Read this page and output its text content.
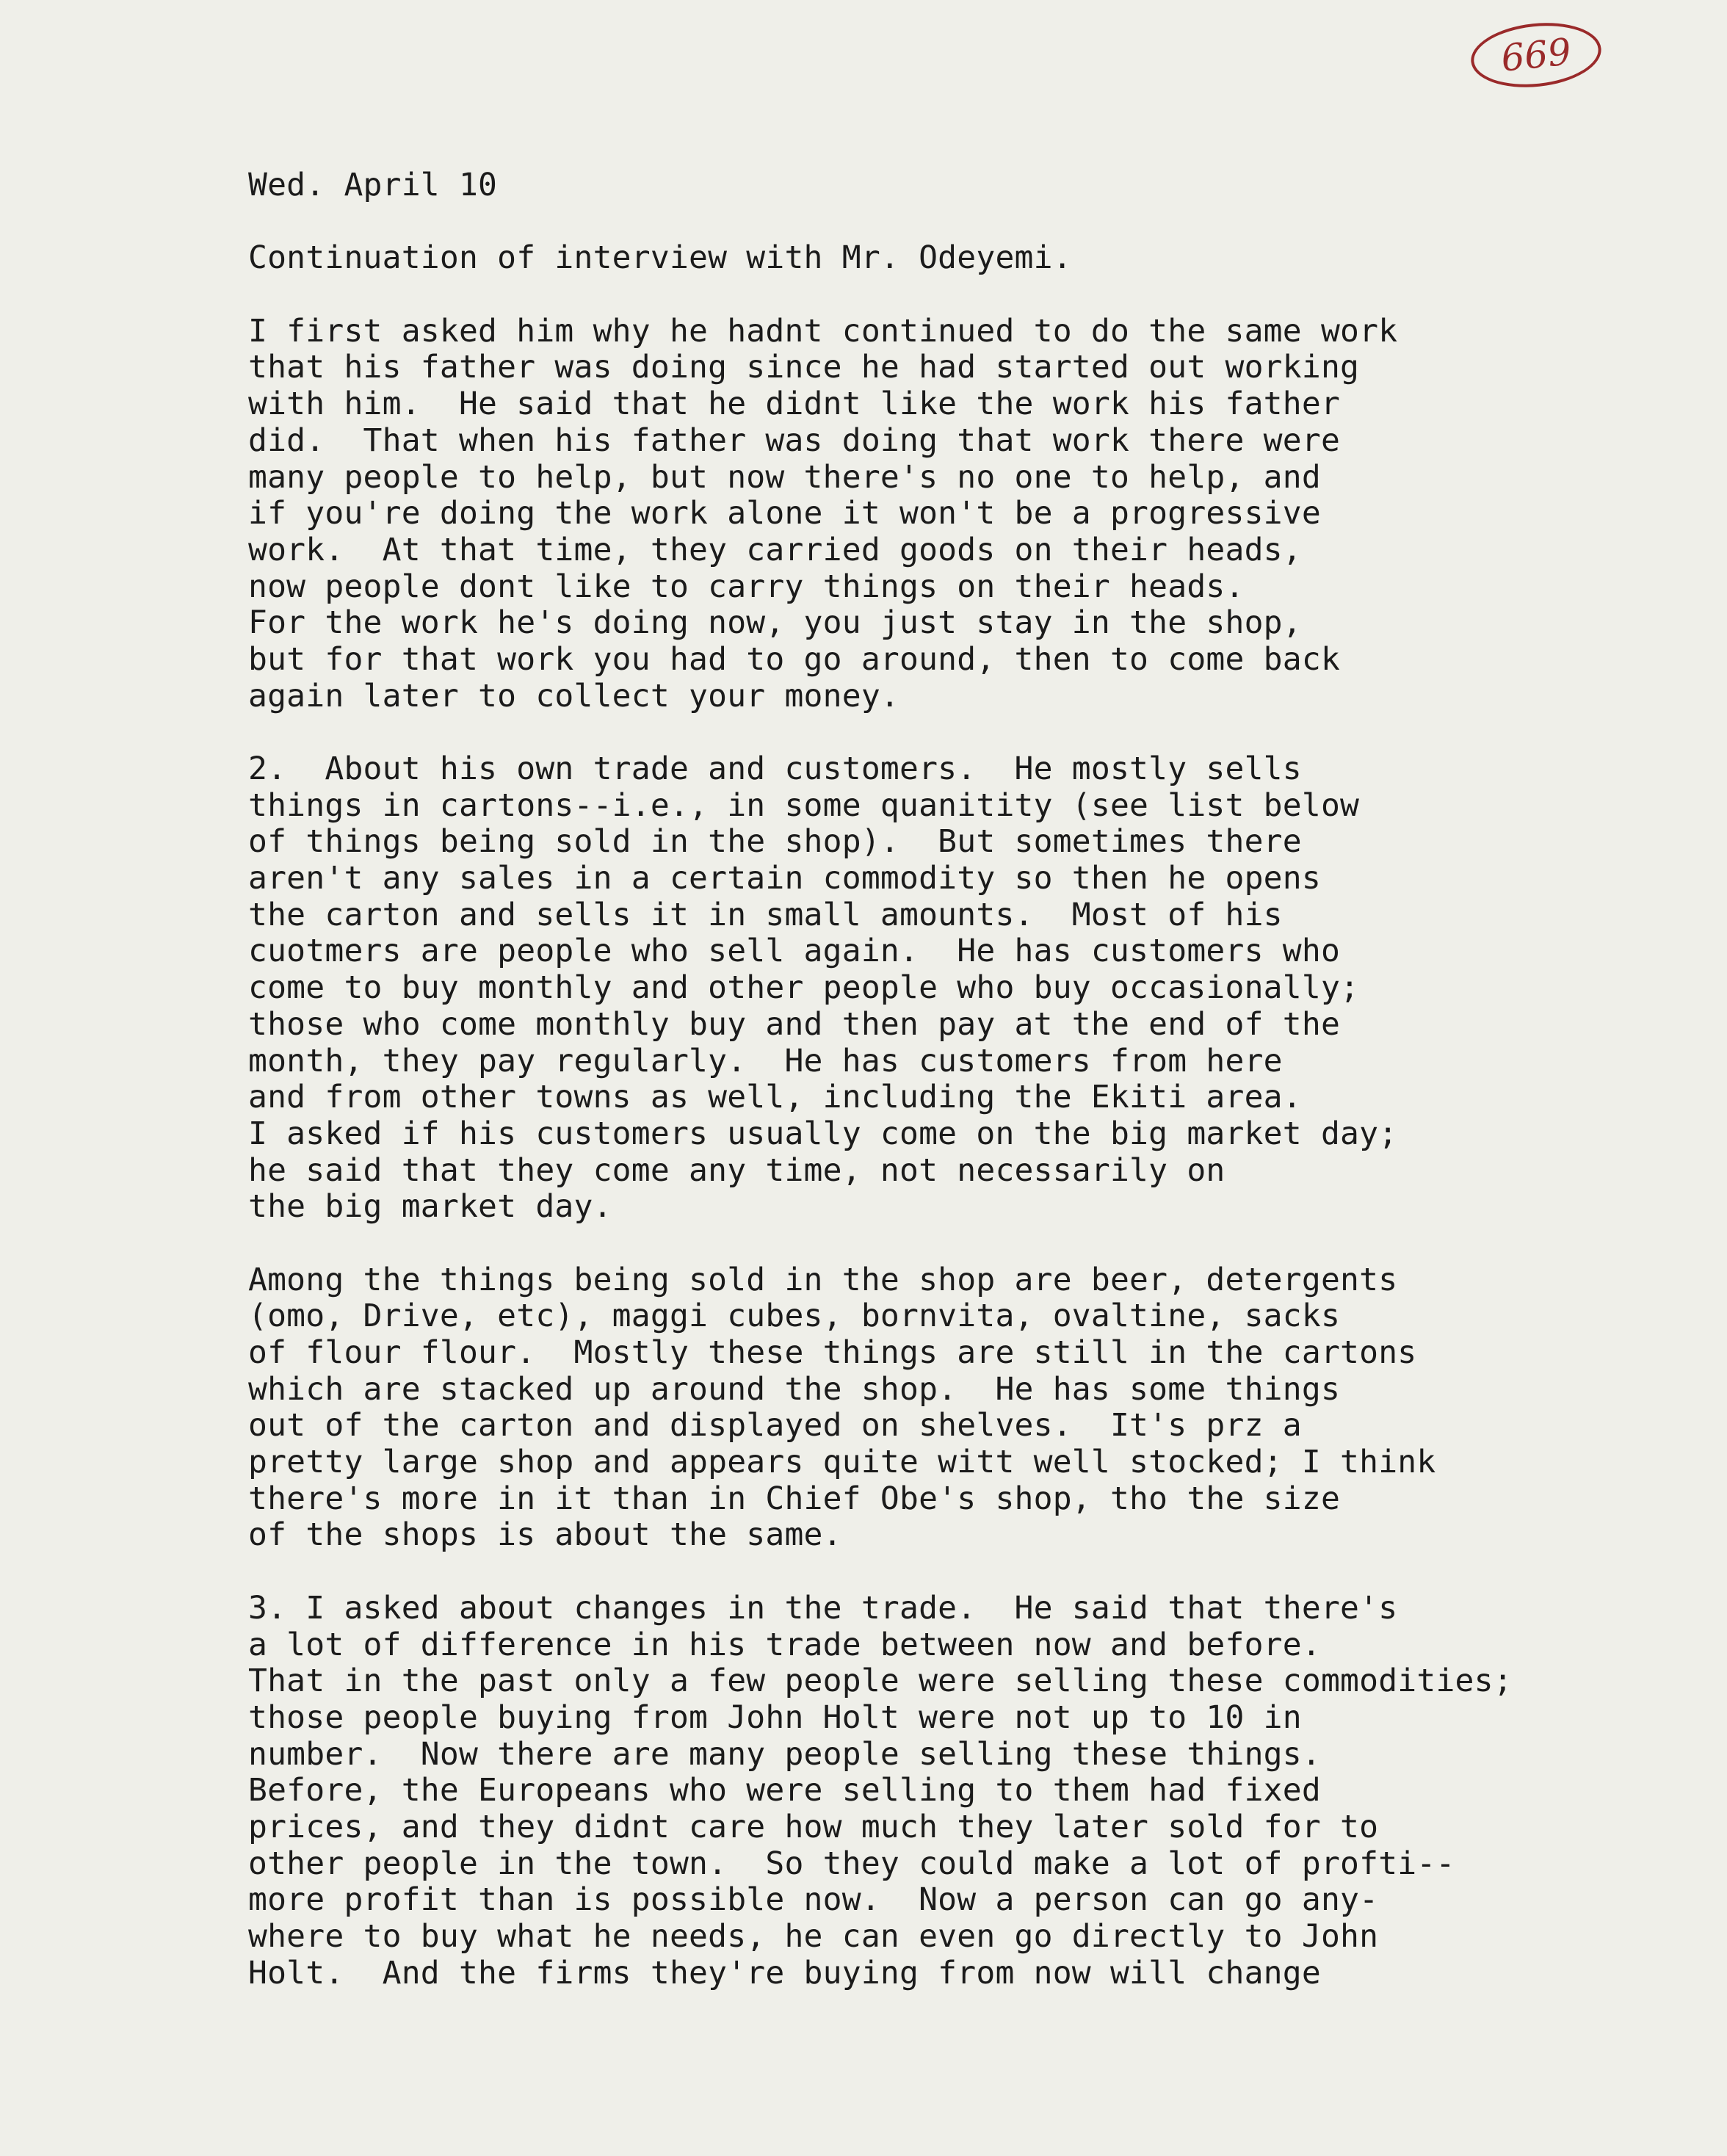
669
Wed. April 10
Continuation of interview with Mr. Odeyemi.
I first asked him why he hadnt continued to do the same work
that his father was doing since he had started out working
with him.  He said that he didnt like the work his father
did.  That when his father was doing that work there were
many people to help, but now there's no one to help, and
if you're doing the work alone it won't be a progressive
work.  At that time, they carried goods on their heads,
now people dont like to carry things on their heads.
For the work he's doing now, you just stay in the shop,
but for that work you had to go around, then to come back
again later to collect your money.
2.  About his own trade and customers.  He mostly sells
things in cartons--i.e., in some quanitity (see list below
of things being sold in the shop).  But sometimes there
aren't any sales in a certain commodity so then he opens
the carton and sells it in small amounts.  Most of his
cuotmers are people who sell again.  He has customers who
come to buy monthly and other people who buy occasionally;
those who come monthly buy and then pay at the end of the
month, they pay regularly.  He has customers from here
and from other towns as well, including the Ekiti area.
I asked if his customers usually come on the big market day;
he said that they come any time, not necessarily on
the big market day.
Among the things being sold in the shop are beer, detergents
(omo, Drive, etc), maggi cubes, bornvita, ovaltine, sacks
of flour flour.  Mostly these things are still in the cartons
which are stacked up around the shop.  He has some things
out of the carton and displayed on shelves.  It's prz a
pretty large shop and appears quite witt well stocked; I think
there's more in it than in Chief Obe's shop, tho the size
of the shops is about the same.
3. I asked about changes in the trade.  He said that there's
a lot of difference in his trade between now and before.
That in the past only a few people were selling these commodities;
those people buying from John Holt were not up to 10 in
number.  Now there are many people selling these things.
Before, the Europeans who were selling to them had fixed
prices, and they didnt care how much they later sold for to
other people in the town.  So they could make a lot of profti--
more profit than is possible now.  Now a person can go any-
where to buy what he needs, he can even go directly to John
Holt.  And the firms they're buying from now will change
